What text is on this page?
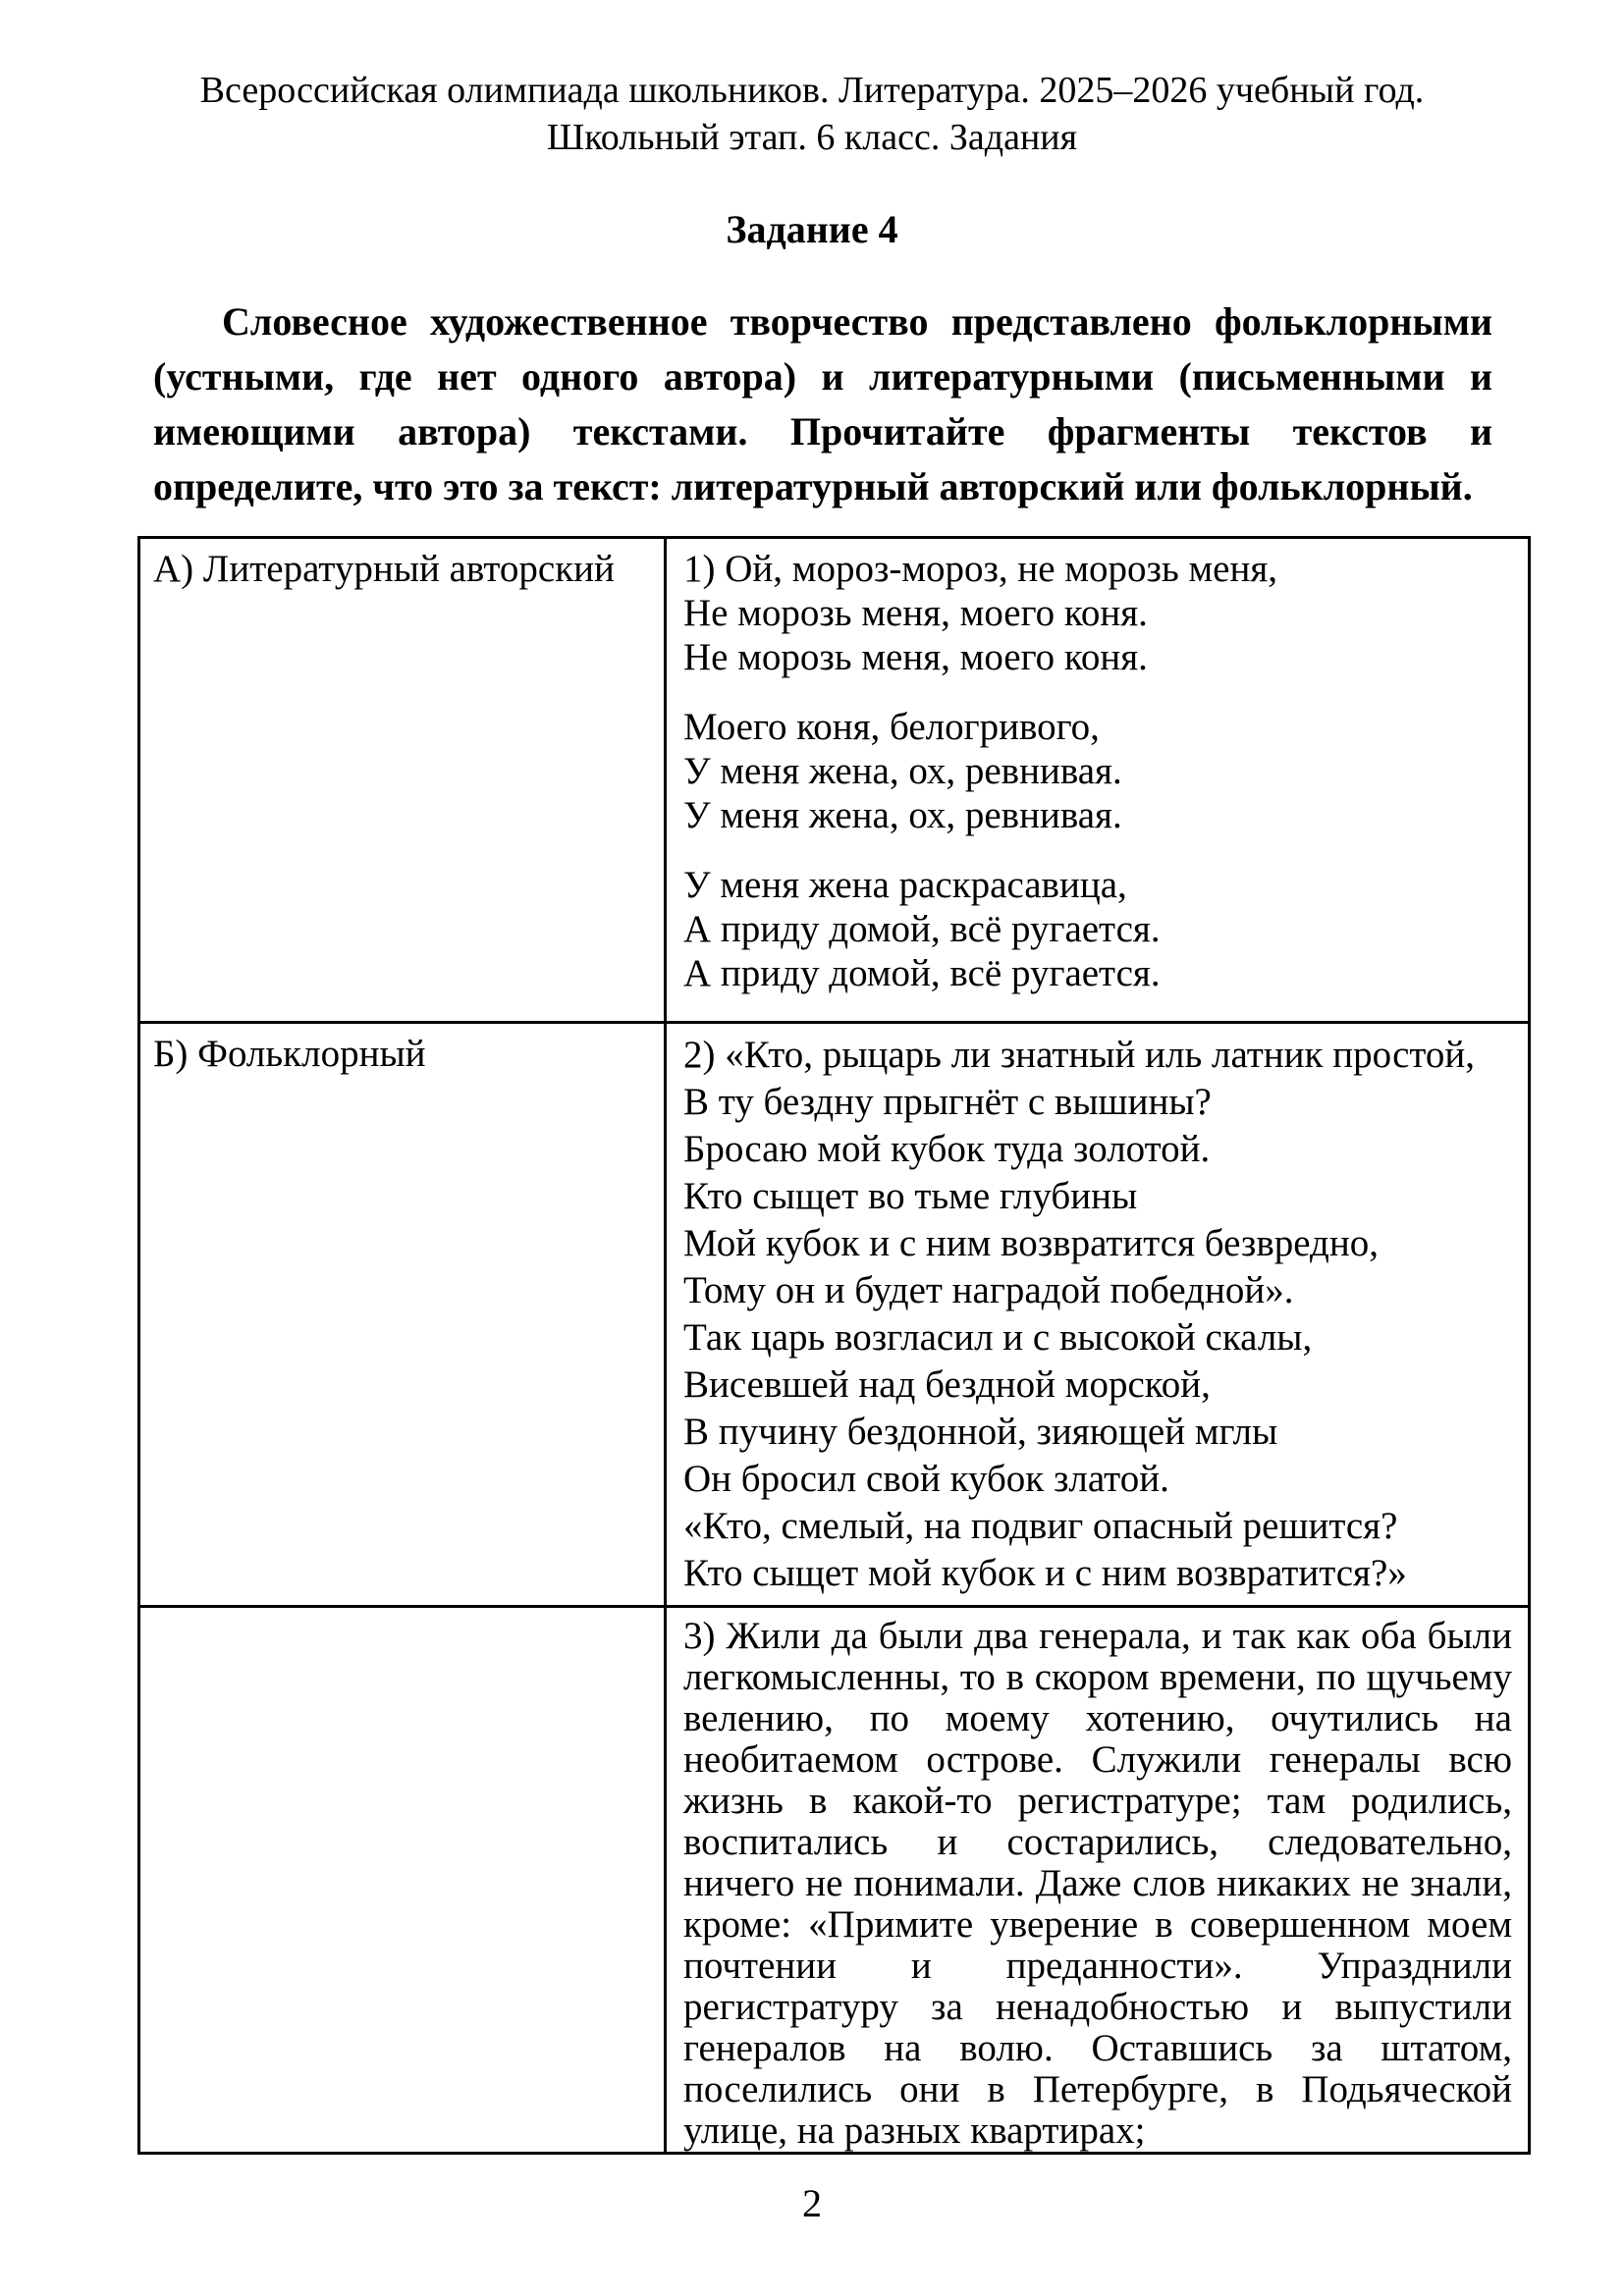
Всероссийская олимпиада школьников. Литература. 2025–2026 учебный год.
Школьный этап. 6 класс. Задания
Задание 4
Словесное художественное творчество представлено фольклорными (устными, где нет одного автора) и литературными (письменными и имеющими автора) текстами. Прочитайте фрагменты текстов и определите, что это за текст: литературный авторский или фольклорный.
А) Литературный авторский	1) Ой, мороз-мороз, не морозь меня,
Не морозь меня, моего коня.
Не морозь меня, моего коня.
Моего коня, белогривого,
У меня жена, ох, ревнивая.
У меня жена, ох, ревнивая.
У меня жена раскрасавица,
А приду домой, всё ругается.
А приду домой, всё ругается.

Б) Фольклорный	2) «Кто, рыцарь ли знатный иль латник простой,
В ту бездну прыгнёт с вышины?
Бросаю мой кубок туда золотой.
Кто сыщет во тьме глубины
Мой кубок и с ним возвратится безвредно,
Тому он и будет наградой победной».
Так царь возгласил и с высокой скалы,
Висевшей над бездной морской,
В пучину бездонной, зияющей мглы
Он бросил свой кубок златой.
«Кто, смелый, на подвиг опасный решится?
Кто сыщет мой кубок и с ним возвратится?»

	3) Жили да были два генерала, и так как оба были легкомысленны, то в скором времени, по щучьему велению, по моему хотению, очутились на необитаемом острове. Служили генералы всю жизнь в какой-то регистратуре; там родились, воспитались и состарились, следовательно, ничего не понимали. Даже слов никаких не знали, кроме: «Примите уверение в совершенном моем почтении и преданности». Упразднили регистратуру за ненадобностью и выпустили генералов на волю. Оставшись за штатом, поселились они в Петербурге, в Подьяческой улице, на разных квартирах;
2
